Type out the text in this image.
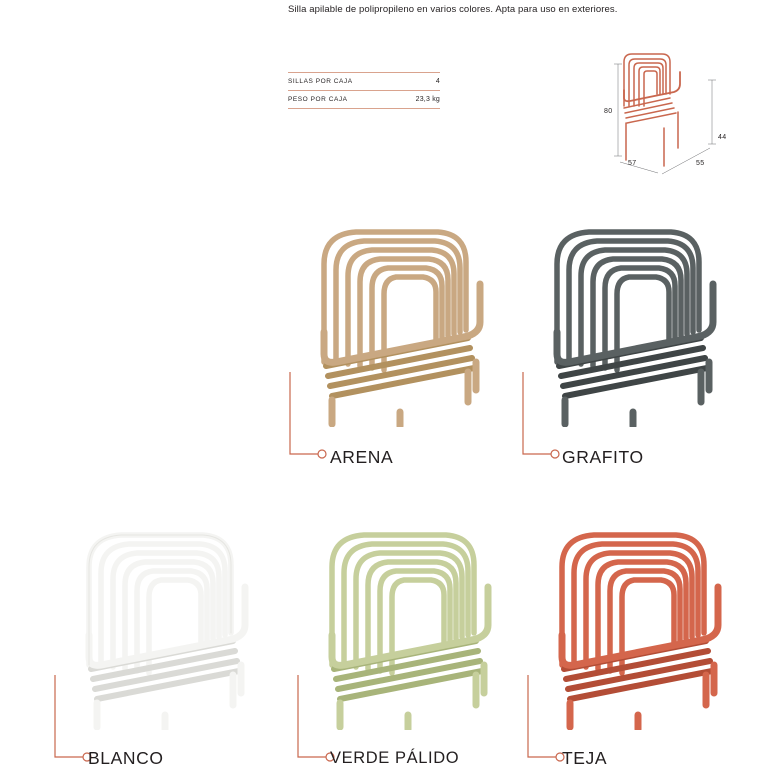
Silla apilable de polipropileno en varios colores. Apta para uso en exteriores.
SILLAS POR CAJA	4
PESO POR CAJA	23,3 kg
80
44
57	55
ARENA	GRAFITO
BLANCO	VERDE PÁLIDO	TEJA
